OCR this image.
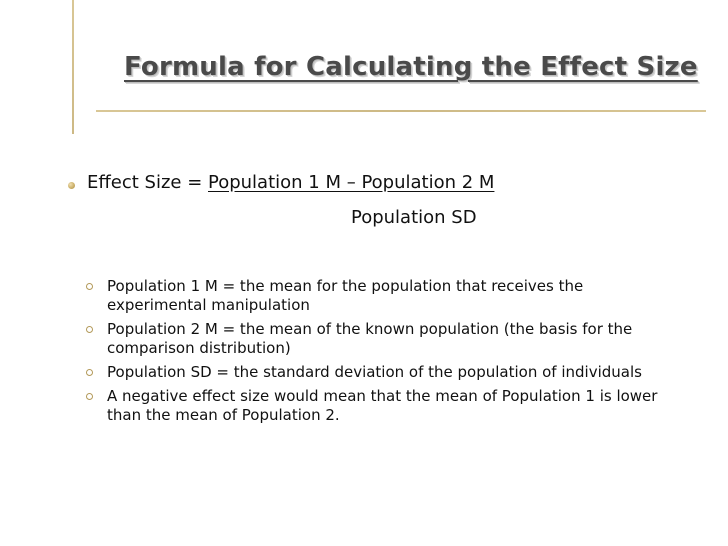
Formula for Calculating the Effect Size
Effect Size = Population 1 M – Population 2 M
Population SD
Population 1 M = the mean for the population that receives the experimental manipulation
Population 2 M = the mean of the known population (the basis for the comparison distribution)
Population SD = the standard deviation of the population of individuals
A negative effect size would mean that the mean of Population 1 is lower than the mean of Population 2.
